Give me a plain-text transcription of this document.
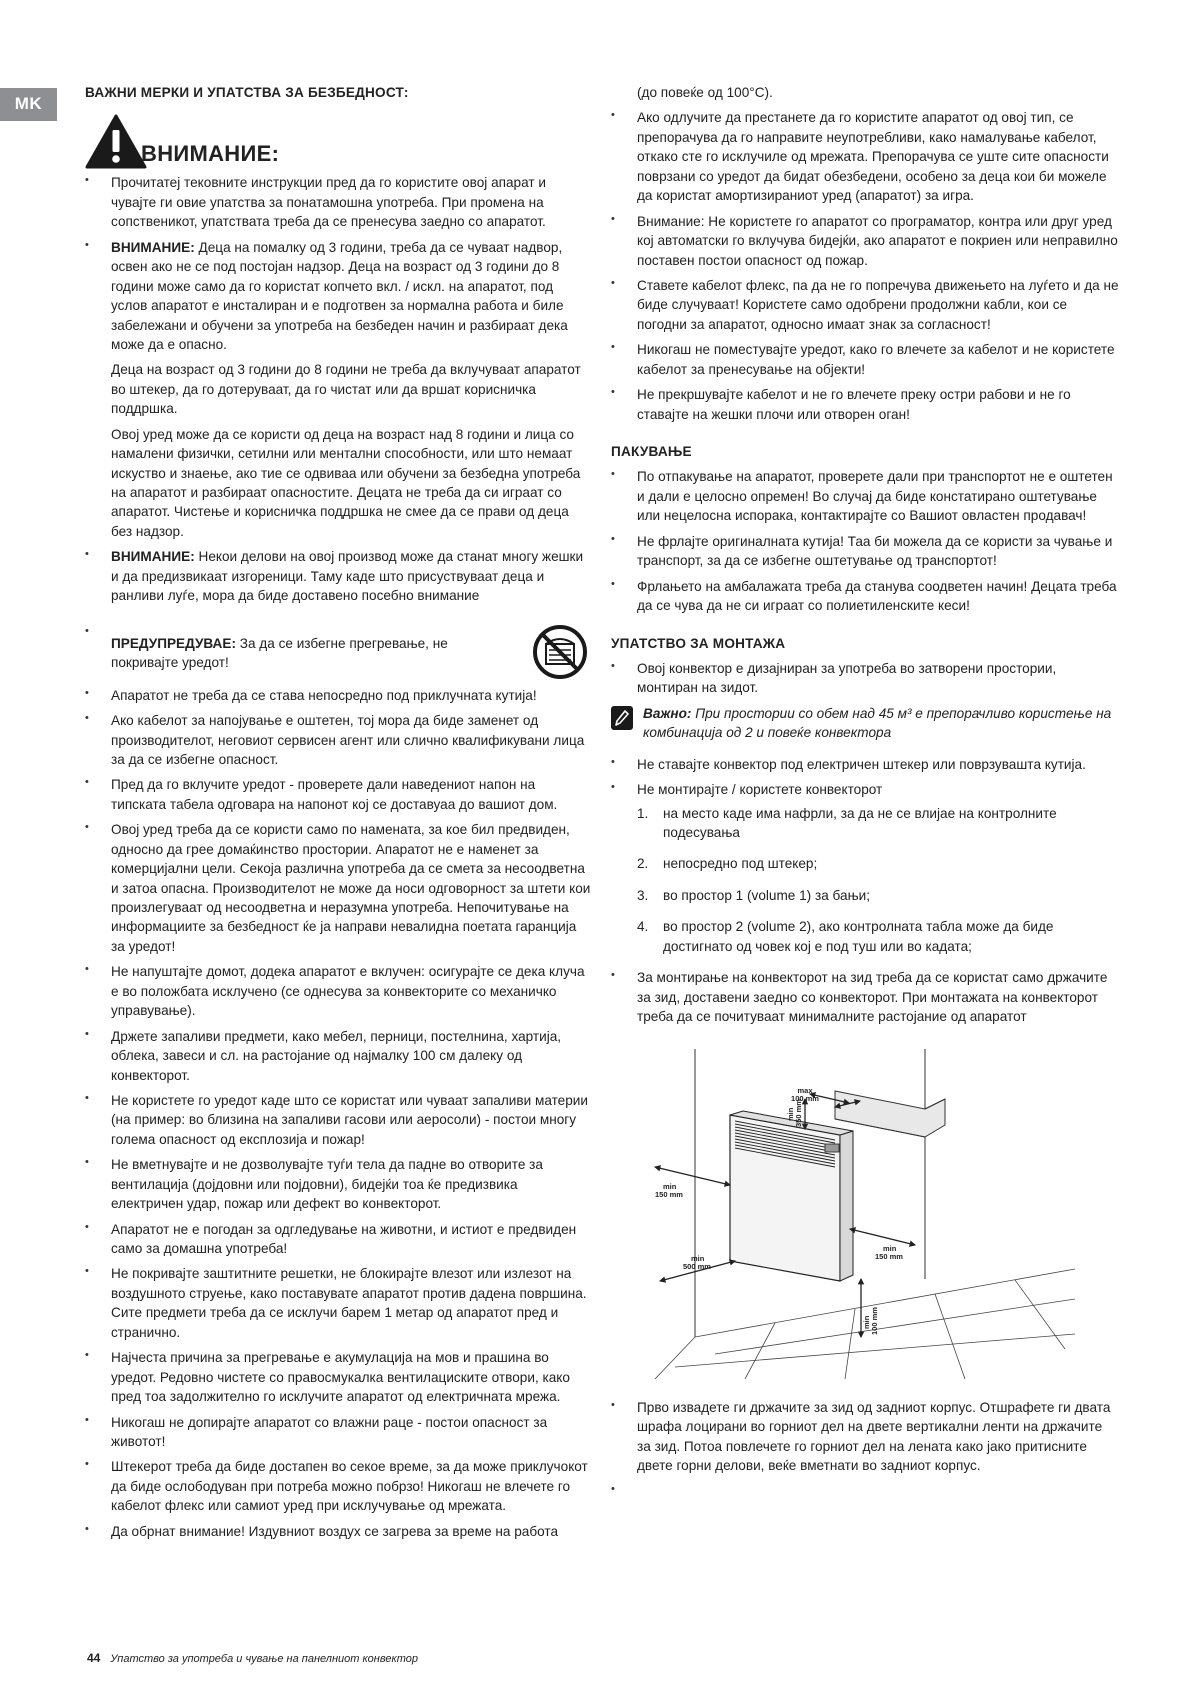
MK
ВАЖНИ МЕРКИ И УПАТСТВА ЗА БЕЗБЕДНОСТ:
ВНИМАНИЕ:
• Прочитатеј тековните инструкции пред да го користите овој апарат и чувајте ги овие упатства за понатамошна употреба. При промена на сопственикот, упатствата треба да се пренесува заедно со апаратот.

• ВНИМАНИЕ: Деца на помалку од 3 години, треба да се чуваат надвор, освен ако не се под постојан надзор. Деца на возраст од 3 години до 8 години може само да го користат копчето вкл. / искл. на апаратот, под услов апаратот е инсталиран и е подготвен за нормална работа и биле забележани и обучени за употреба на безбеден начин и разбираат дека може да е опасно.

Деца на возраст од 3 години до 8 години не треба да вклучуваат апаратот во штекер, да го дотеруваат, да го чистат или да вршат корисничка поддршка.

Овој уред може да се користи од деца на возраст над 8 години и лица со намалени физички, сетилни или ментални способности, или што немаат искуство и знаење, ако тие се одвиваа или обучени за безбедна употреба на апаратот и разбираат опасностите. Децата не треба да си играат со апаратот. Чистење и корисничка поддршка не смее да се прави од деца без надзор.

• ВНИМАНИЕ: Некои делови на овој производ може да станат многу жешки и да предизвикаат изгореници. Таму каде што присуствуваат деца и ранливи луѓе, мора да биде доставено посебно внимание
• ПРЕДУПРЕДУВАЕ: За да се избегне прегревање, не покривајте уредот!
• Апаратот не треба да се става непосредно под приклучната кутија!
• Ако кабелот за напојување е оштетен, тој мора да биде заменет од производителот, неговиот сервисен агент или слично квалификувани лица за да се избегне опасност.
• Пред да го вклучите уредот - проверете дали наведениот напон на типската табела одговара на напонот кој се доставуаа до вашиот дом.
• Овој уред треба да се користи само по намената, за кое бил предвиден, односно да грее домаќинство простории. Апаратот не е наменет за комерцијални цели. Секоја различна употреба да се смета за несоодветна и затоа опасна. Производителот не може да носи одговорност за штети кои произлегуваат од несоодветна и неразумна употреба. Непочитување на информациите за безбедност ќе ја направи невалидна поетата гаранција за уредот!
• Не напуштајте домот, додека апаратот е вклучен: осигурајте се дека клуча е во положбата исклучено (се однесува за конвекторите со механичко управување).
• Држете запаливи предмети, како мебел, перници, постелнина, хартија, облека, завеси и сл. на растојание од најмалку 100 см далеку од конвекторот.
• Не користете го уредот каде што се користат или чуваат запаливи материи (на пример: во близина на запаливи гасови или аеросоли) - постои многу голема опасност од експлозија и пожар!
• Не вметнувајте и не дозволувајте туѓи тела да падне во отворите за вентилација (дојдовни или појдовни), бидејќи тоа ќе предизвика електричен удар, пожар или дефект во конвекторот.
• Апаратот не е погодан за одгледување на животни, и истиот е предвиден само за домашна употреба!
• Не покривајте заштитните решетки, не блокирајте влезот или излезот на воздушното струење, како поставувате апаратот против дадена површина. Сите предмети треба да се исклучи барем 1 метар од апаратот пред и странично.
• Најчеста причина за прегревање е акумулација на мов и прашина во уредот. Редовно чистете со правосмукалка вентилациските отвори, како пред тоа задолжително го исклучите апаратот од електричната мрежа.
• Никогаш не допирајте апаратот со влажни раце - постои опасност за животот!
• Штекерот треба да биде достапен во секое време, за да може приклучокот да биде ослободуван при потреба можно побрзо! Никогаш не влечете го кабелот флекс или самиот уред при исклучување од мрежата.
• Да обрнат внимание! Издувниот воздух се загрева за време на работа
(до повеќе од 100°C).
• Ако одлучите да престанете да го користите апаратот од овој тип, се препорачува да го направите неупотребливи, како намалување кабелот, откако сте го исклучиле од мрежата. Препорачува се уште сите опасности поврзани со уредот да бидат обезбедени, особено за деца кои би можеле да користат амортизираниот уред (апаратот) за игра.
• Внимание: Не користете го апаратот со програматор, контра или друг уред кој автоматски го вклучува бидејќи, ако апаратот е покриен или неправилно поставен постои опасност од пожар.
• Ставете кабелот флекс, па да не го попречува движењето на луѓето и да не биде случуваат! Користете само одобрени продолжни кабли, кои се погодни за апаратот, односно имаат знак за согласност!
• Никогаш не поместувајте уредот, како го влечете за кабелот и не користете кабелот за пренесување на објекти!
• Не прекршувајте кабелот и не го влечете преку остри рабови и не го ставајте на жешки плочи или отворен оган!
ПАКУВАЊЕ
• По отпакување на апаратот, проверете дали при транспортот не е оштетен и дали е целосно опремен! Во случај да биде констатирано оштетување или нецелосна испорака, контактирајте со Вашиот овластен продавач!
• Не фрлајте оригиналната кутија! Таа би можела да се користи за чување и транспорт, за да се избегне оштетување од транспортот!
• Фрлањето на амбалажата треба да станува соодветен начин! Децата треба да се чува да не си играат со полиетиленските кеси!
УПАТСТВО ЗА МОНТАЖА
• Овој конвектор е дизајниран за употреба во затворени простории, монтиран на зидот.
Важно: При простории со обем над 45 м³ е препорачливо користење на комбинација од 2 и повеќе конвектора
• Не ставајте конвектор под електричен штекер или поврзуваштa кутија.
• Не монтирајте / користете конвекторот
1. на место каде има нафрли, за да не се влијае на контролните подесувања
2. непосредно под штекер;
3. во простор 1 (volume 1) за бањи;
4. во простор 2 (volume 2), ако контролната табла може да биде достигнато од човек кој е под туш или во кадата;
• За монтирање на конвекторот на зид треба да се користат само држачите за зид, доставени заедно со конвекторот. При монтажата на конвекторот треба да се почитуваат минималните растојание од апаратот
max
100 mm
min 350 mm
min
150 mm
min
150 mm
min
500 mm
min 100 mm
• Прво извадете ги држачите за зид од задниот корпус. Отшрафете ги двата шрафа лоцирани во горниот дел на двете вертикални ленти на држачите за зид. Потоа повлечете го горниот дел на лената како јако притисните двете горни делови, веќе вметнати во задниот корпус.
44 Упатство за употреба и чување на панелниот конвектор
